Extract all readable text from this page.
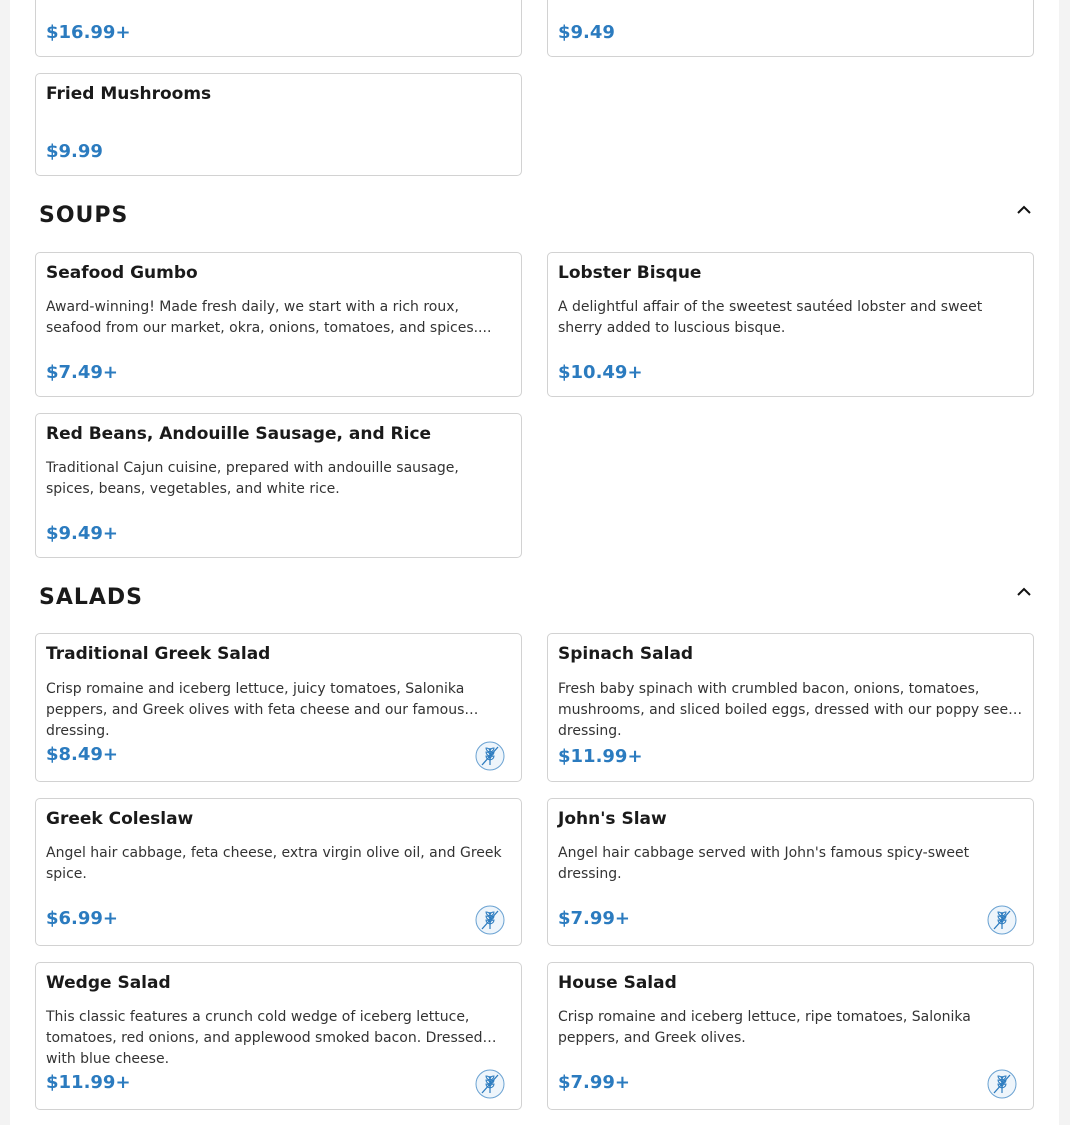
$16.99+	$9.49
Fried Mushrooms
$9.99
SOUPS
Seafood Gumbo
Award-winning! Made fresh daily, we start with a rich roux, seafood from our market, okra, onions, tomatoes, and spices....
$7.49+
Lobster Bisque
A delightful affair of the sweetest sautéed lobster and sweet sherry added to luscious bisque.
$10.49+
Red Beans, Andouille Sausage, and Rice
Traditional Cajun cuisine, prepared with andouille sausage, spices, beans, vegetables, and white rice.
$9.49+
SALADS
Traditional Greek Salad
Crisp romaine and iceberg lettuce, juicy tomatoes, Salonika peppers, and Greek olives with feta cheese and our famous dressing.
$8.49+
Spinach Salad
Fresh baby spinach with crumbled bacon, onions, tomatoes, mushrooms, and sliced boiled eggs, dressed with our poppy seed dressing.
$11.99+
Greek Coleslaw
Angel hair cabbage, feta cheese, extra virgin olive oil, and Greek spice.
$6.99+
John's Slaw
Angel hair cabbage served with John's famous spicy-sweet dressing.
$7.99+
Wedge Salad
This classic features a crunch cold wedge of iceberg lettuce, tomatoes, red onions, and applewood smoked bacon. Dressed with blue cheese.
$11.99+
House Salad
Crisp romaine and iceberg lettuce, ripe tomatoes, Salonika peppers, and Greek olives.
$7.99+
